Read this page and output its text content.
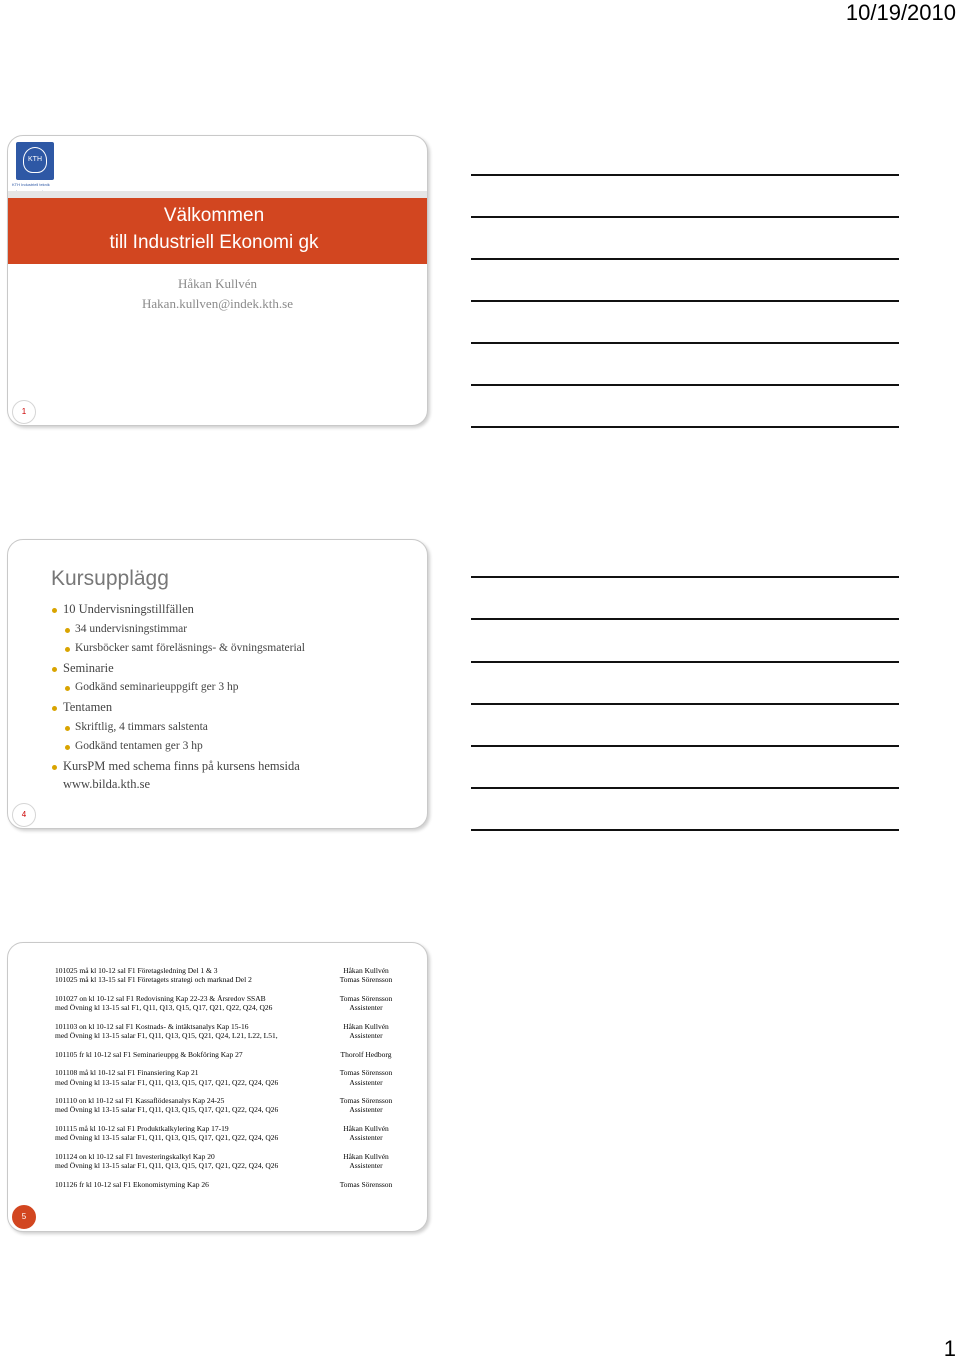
10/19/2010
KTH
KTH Industriell teknik
Välkommen
till Industriell Ekonomi gk
Håkan Kullvén
Hakan.kullven@indek.kth.se
1
Kursupplägg
10 Undervisningstillfällen
34 undervisningstimmar
Kursböcker samt föreläsnings- & övningsmaterial
Seminarie
Godkänd seminarieuppgift ger 3 hp
Tentamen
Skriftlig, 4 timmars salstenta
Godkänd tentamen ger 3 hp
KursPM med schema finns på kursens hemsida
www.bilda.kth.se
4
101025 må kl 10-12 sal F1 Företagsledning Del 1 & 3	Håkan Kullvén
101025 må kl 13-15 sal F1 Företagets strategi och marknad Del 2	Tomas Sörensson
101027 on kl 10-12 sal F1 Redovisning Kap 22-23 & Årsredov SSAB	Tomas Sörensson
med Övning kl 13-15 sal F1, Q11, Q13, Q15, Q17, Q21, Q22, Q24, Q26	Assistenter
101103 on kl 10-12 sal F1 Kostnads- & intäktsanalys Kap 15-16	Håkan Kullvén
med Övning kl 13-15 salar F1, Q11, Q13, Q15, Q21, Q24, L21, L22, L51,	Assistenter
101105 fr kl 10-12 sal F1 Seminarieuppg & Bokföring Kap 27	Thorolf Hedborg
101108 må kl 10-12 sal F1 Finansiering Kap 21	Tomas Sörensson
med Övning kl 13-15 salar F1, Q11, Q13, Q15, Q17, Q21, Q22, Q24, Q26	Assistenter
101110 on kl 10-12 sal F1 Kassaflödesanalys Kap 24-25	Tomas Sörensson
med Övning kl 13-15 salar F1, Q11, Q13, Q15, Q17, Q21, Q22, Q24, Q26	Assistenter
101115 må kl 10-12 sal F1 Produktkalkylering Kap 17-19	Håkan Kullvén
med Övning kl 13-15 salar F1, Q11, Q13, Q15, Q17, Q21, Q22, Q24, Q26	Assistenter
101124 on kl 10-12 sal F1 Investeringskalkyl Kap 20	Håkan Kullvén
med Övning kl 13-15 salar F1, Q11, Q13, Q15, Q17, Q21, Q22, Q24, Q26	Assistenter
101126 fr kl 10-12 sal F1 Ekonomistyrning Kap 26	Tomas Sörensson
5
1
